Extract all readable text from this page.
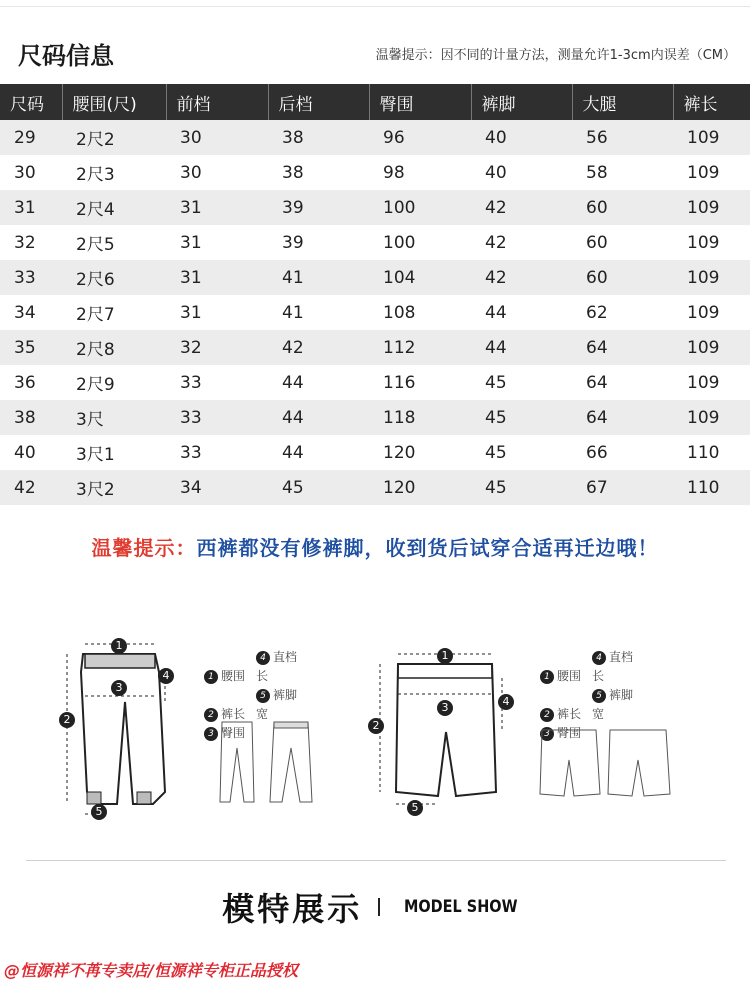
尺码信息	温馨提示：因不同的计量方法，测量允许1-3cm内误差（CM）
尺码	腰围(尺)	前档	后档	臀围	裤脚	大腿	裤长
29	2尺2	30	38	96	40	56	109
30	2尺3	30	38	98	40	58	109
31	2尺4	31	39	100	42	60	109
32	2尺5	31	39	100	42	60	109
33	2尺6	31	41	104	42	60	109
34	2尺7	31	41	108	44	62	109
35	2尺8	32	42	112	44	64	109
36	2尺9	33	44	116	45	64	109
38	3尺	33	44	118	45	64	109
40	3尺1	33	44	120	45	66	110
42	3尺2	34	45	120	45	67	110
温馨提示：西裤都没有修裤脚，收到货后试穿合适再迁边哦！
1
2
3
4
5
1 腰围4 直档长
2 裤长5 裤脚宽
3 臀围
1
2
3	4
5
1 腰围4 直档长
2 裤长5 裤脚宽
3 臀围
模特展示 MODEL SHOW
@恒源祥不苒专卖店/恒源祥专柜正品授权
